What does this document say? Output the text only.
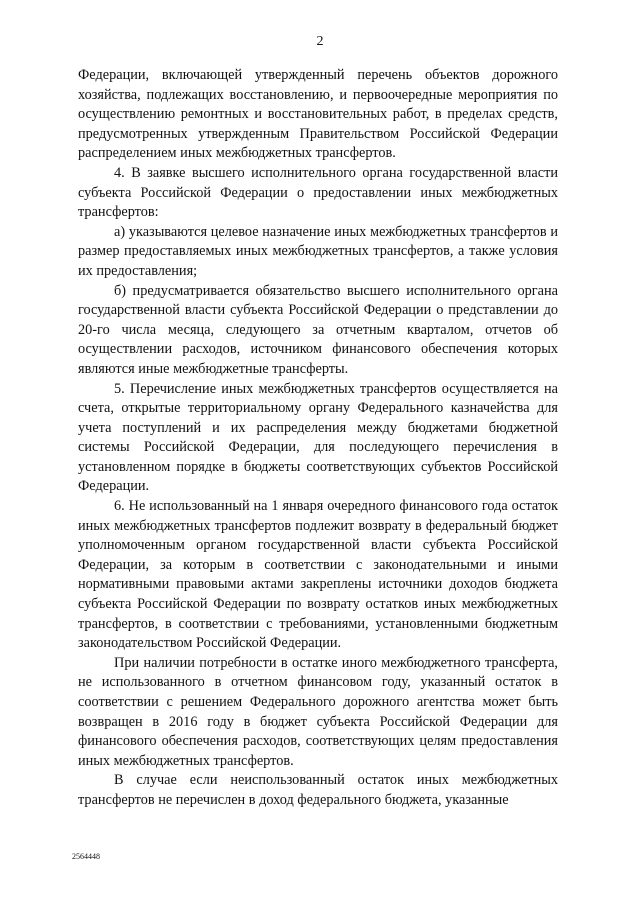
2

Федерации, включающей утвержденный перечень объектов дорожного хозяйства, подлежащих восстановлению, и первоочередные мероприятия по осуществлению ремонтных и восстановительных работ, в пределах средств, предусмотренных утвержденным Правительством Российской Федерации распределением иных межбюджетных трансфертов.

4. В заявке высшего исполнительного органа государственной власти субъекта Российской Федерации о предоставлении иных межбюджетных трансфертов:

а) указываются целевое назначение иных межбюджетных трансфертов и размер предоставляемых иных межбюджетных трансфертов, а также условия их предоставления;

б) предусматривается обязательство высшего исполнительного органа государственной власти субъекта Российской Федерации о представлении до 20-го числа месяца, следующего за отчетным кварталом, отчетов об осуществлении расходов, источником финансового обеспечения которых являются иные межбюджетные трансферты.

5. Перечисление иных межбюджетных трансфертов осуществляется на счета, открытые территориальному органу Федерального казначейства для учета поступлений и их распределения между бюджетами бюджетной системы Российской Федерации, для последующего перечисления в установленном порядке в бюджеты соответствующих субъектов Российской Федерации.

6. Не использованный на 1 января очередного финансового года остаток иных межбюджетных трансфертов подлежит возврату в федеральный бюджет уполномоченным органом государственной власти субъекта Российской Федерации, за которым в соответствии с законодательными и иными нормативными правовыми актами закреплены источники доходов бюджета субъекта Российской Федерации по возврату остатков иных межбюджетных трансфертов, в соответствии с требованиями, установленными бюджетным законодательством Российской Федерации.

При наличии потребности в остатке иного межбюджетного трансферта, не использованного в отчетном финансовом году, указанный остаток в соответствии с решением Федерального дорожного агентства может быть возвращен в 2016 году в бюджет субъекта Российской Федерации для финансового обеспечения расходов, соответствующих целям предоставления иных межбюджетных трансфертов.

В случае если неиспользованный остаток иных межбюджетных трансфертов не перечислен в доход федерального бюджета, указанные

2564448
